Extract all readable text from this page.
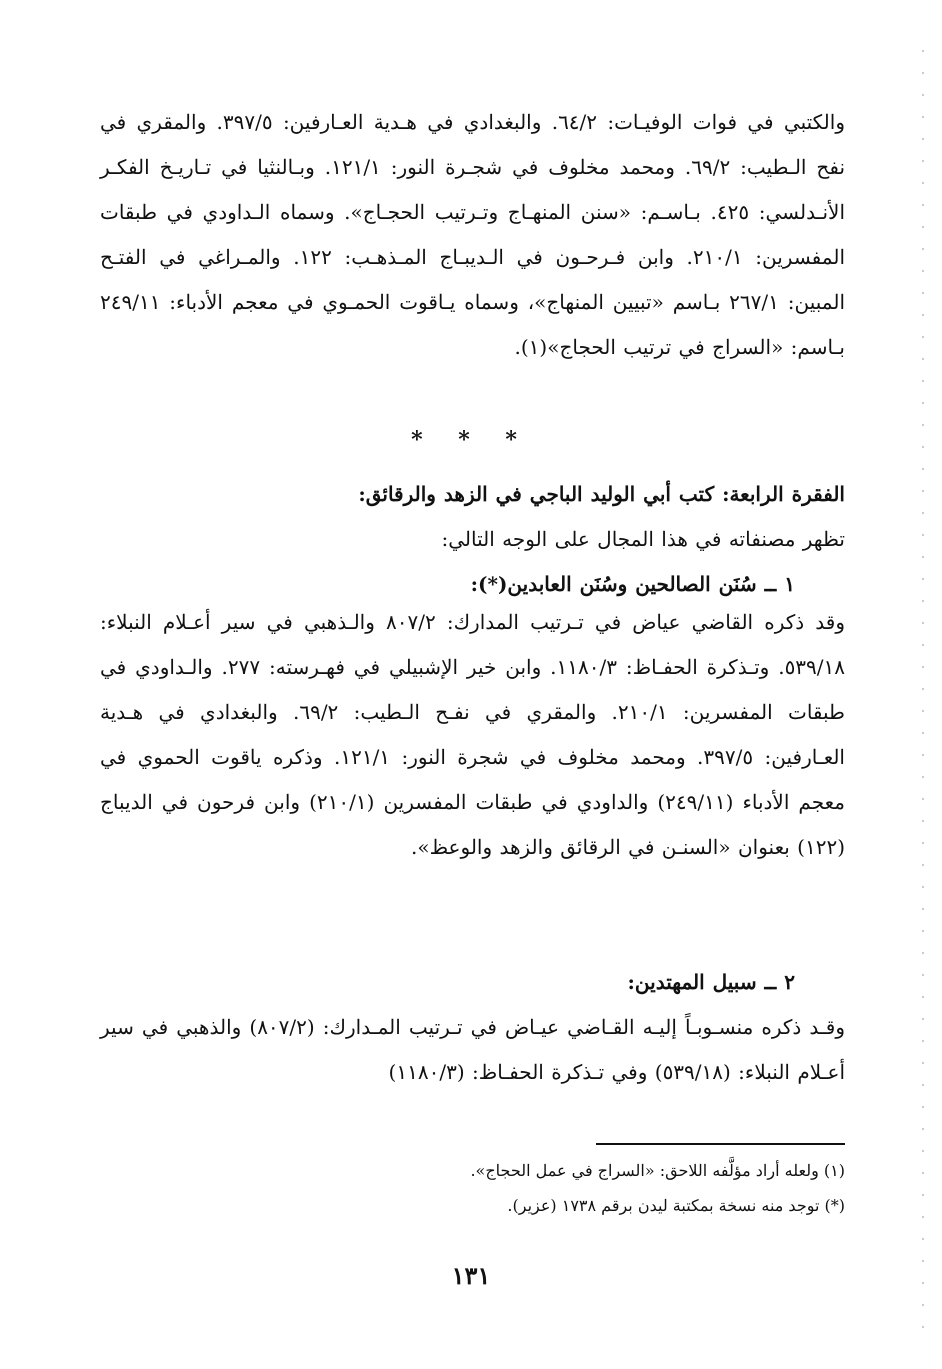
والكتبي في فوات الوفيـات: ٦٤/٢. والبغدادي في هـدية العـارفين: ٣٩٧/٥. والمقري في نفح الـطيب: ٦٩/٢. ومحمد مخلوف في شجـرة النور: ١٢١/١. وبـالنثيا في تـاريـخ الفكـر الأنـدلسي: ٤٢٥. بـاسـم: «سنن المنهـاج وتـرتيب الحجـاج». وسماه الـداودي في طبقات المفسرين: ٢١٠/١. وابن فـرحـون في الـديبـاج المـذهـب: ١٢٢. والمـراغي في الفتـح المبين: ٢٦٧/١ بـاسم «تبيين المنهاج»، وسماه يـاقوت الحمـوي في معجم الأدباء: ٢٤٩/١١ بـاسم: «السراج في ترتيب الحجاج»(١).

* * *

الفقرة الرابعة: كتب أبي الوليد الباجي في الزهد والرقائق:

تظهر مصنفاته في هذا المجال على الوجه التالي:

١ ــ سُنَن الصالحين وسُنَن العابدين(*):

وقد ذكره القاضي عياض في تـرتيب المدارك: ٨٠٧/٢ والـذهبي في سير أعـلام النبلاء: ٥٣٩/١٨. وتـذكرة الحفـاظ: ١١٨٠/٣. وابن خير الإشبيلي في فهـرسته: ٢٧٧. والـداودي في طبقات المفسرين: ٢١٠/١. والمقري في نفـح الـطيب: ٦٩/٢. والبغدادي في هـدية العـارفين: ٣٩٧/٥. ومحمد مخلوف في شجرة النور: ١٢١/١. وذكره ياقوت الحموي في معجم الأدباء (٢٤٩/١١) والداودي في طبقات المفسرين (٢١٠/١) وابن فرحون في الديباج (١٢٢) بعنوان «السنـن في الرقائق والزهد والوعظ».

٢ ــ سبيل المهتدين:

وقـد ذكره منسـوبـاً إليـه القـاضي عيـاض في تـرتيب المـدارك: (٨٠٧/٢) والذهبي في سير أعـلام النبلاء: (٥٣٩/١٨) وفي تـذكرة الحفـاظ: (١١٨٠/٣)

(١) ولعله أراد مؤلَّفه اللاحق: «السراج في عمل الحجاج».

(*) توجد منه نسخة بمكتبة ليدن برقم ١٧٣٨ (عزير).

١٣١
